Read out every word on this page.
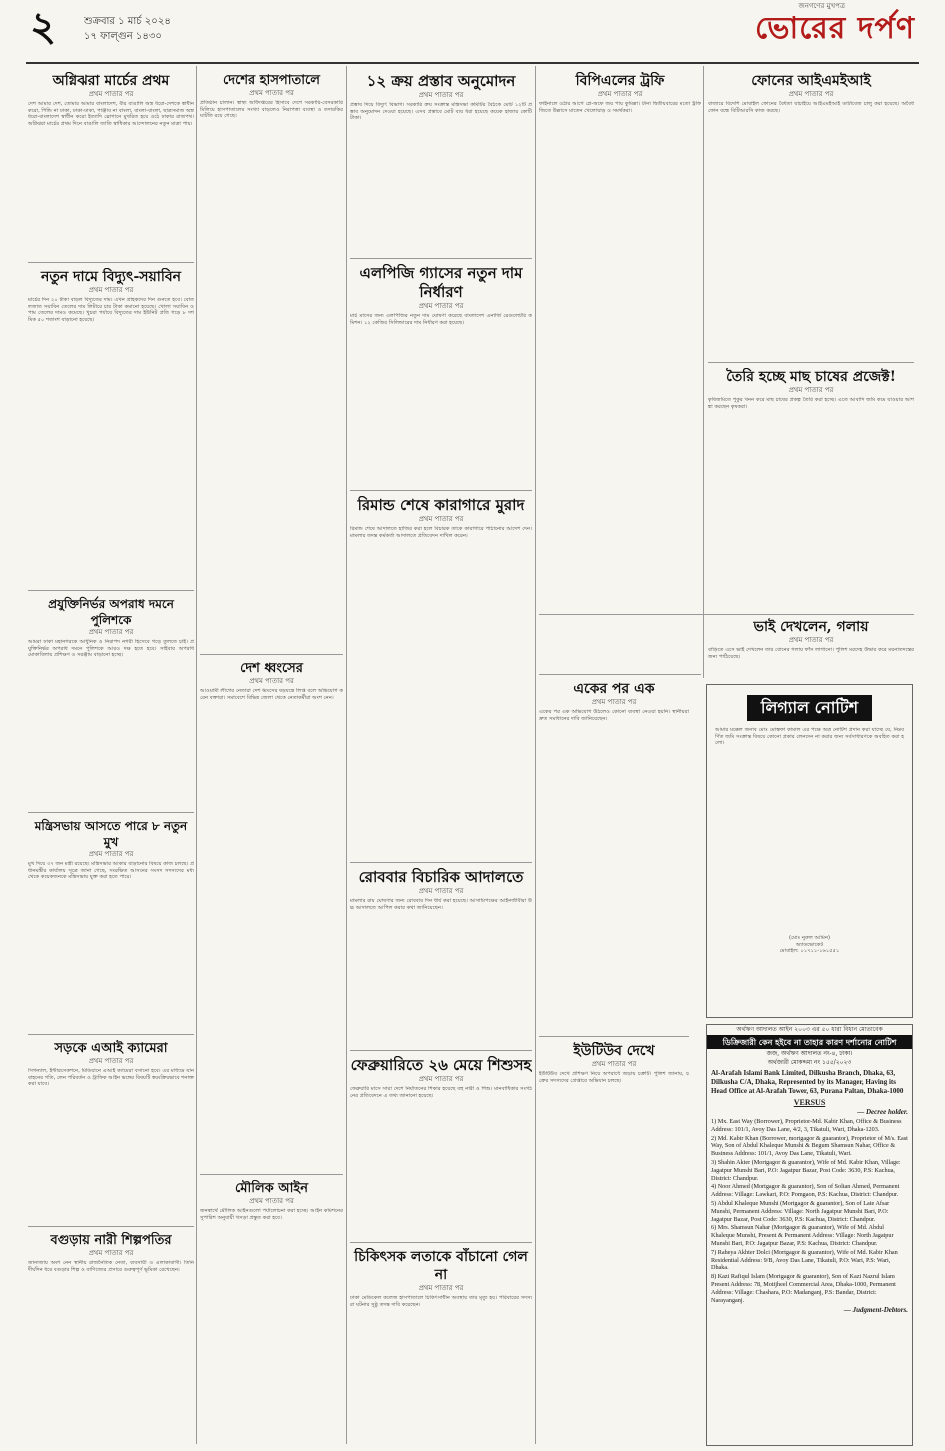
২	শুক্রবার ১ মার্চ ২০২৪
১৭ ফাল্গুন ১৪৩০
জনগণের মুখপত্র
ভোরের দর্পণ
অগ্নিঝরা মার্চের প্রথম
প্রথম পাতার পর
দেশ আমার দেশ, তোমার আমার বাংলাদেশ, বীর বাঙালি অস্ত্র ধরো-দেশকে স্বাধীন করো, পিন্ডি না ঢাকা, ঢাকা-ঢাকা, পাঞ্জাব না বাংলা, বাংলা-বাংলা, ছাত্রসমাজ অস্ত্র ধরো-বাংলাদেশ স্বাধীন করো ইত্যাদি স্লোগানে মুখরিত হয়ে ওঠে ঢাকার রাজপথ। অগ্নিঝরা মার্চের প্রথম দিনে বাঙালি জাতি স্বাধিকার আন্দোলনের নতুন মাত্রা পায়।
নতুন দামে বিদ্যুৎ-সয়াবিন
প্রথম পাতার পর
মার্চের দিন ২০ টাকা বাড়ল বিদ্যুতের দাম। এখন গ্রাহকদের দিন গুনতে হবে। বোতলজাত সয়াবিন তেলের দাম লিটারে চার টাকা কমানো হয়েছে। খোলা সয়াবিন ও পাম তেলের দামও কমেছে। খুচরা পর্যায়ে বিদ্যুতের দাম ইউনিট প্রতি গড়ে ৮ দশমিক ৫০ শতাংশ বাড়ানো হয়েছে।
প্রযুক্তিনির্ভর অপরাধ দমনে পুলিশকে
প্রথম পাতার পর
আমরা ঢাকা মহানগরকে আধুনিক ও নিরাপদ নগরী হিসেবে গড়ে তুলতে চাই। প্রযুক্তিনির্ভর অপরাধ দমনে পুলিশকে আরও দক্ষ হতে হবে। সাইবার অপরাধ মোকাবিলায় প্রশিক্ষণ ও সরঞ্জাম বাড়ানো হচ্ছে।
মন্ত্রিসভায় আসতে পারে ৮ নতুন মুখ
প্রথম পাতার পর
মুখ দিয়ে ৩৭ জন মন্ত্রী রয়েছে। মন্ত্রিসভার আকার বাড়ানোর বিষয়ে কাজ চলছে। প্রধানমন্ত্রীর কার্যালয় সূত্রে জানা গেছে, সংরক্ষিত আসনের সংসদ সদস্যদের মধ্য থেকে কয়েকজনকে মন্ত্রিসভায় যুক্ত করা হতে পারে।
সড়কে এআই ক্যামেরা
প্রথম পাতার পর
সিগন্যাল, ইন্টারসেকশনে, মিডিয়ানে এআই ক্যামেরা বসানো হবে। এর মাধ্যমে যানবাহনের গতি, লেন পরিবর্তন ও ট্রাফিক আইন ভঙ্গের বিষয়টি স্বয়ংক্রিয়ভাবে শনাক্ত করা যাবে।
বগুড়ায় নারী শিল্পপতির
প্রথম পাতার পর
জানাজায় অংশ নেন স্থানীয় রাজনৈতিক নেতা, ব্যবসায়ী ও এলাকাবাসী। তিনি দীর্ঘদিন ধরে বগুড়ার শিল্প ও বাণিজ্যের প্রসারে গুরুত্বপূর্ণ ভূমিকা রেখেছেন।
দেশের হাসপাতালে
প্রথম পাতার পর
প্রতিষ্ঠান চালান। স্বাস্থ্য অধিদপ্তরের হিসাবে দেশে সরকারি-বেসরকারি মিলিয়ে হাসপাতালের সংখ্যা বাড়লেও নিরাপত্তা ব্যবস্থা ও তদারকির ঘাটতি রয়ে গেছে।
দেশ ধ্বংসের
প্রথম পাতার পর
আওয়ামী লীগের নেতারা দেশ ধ্বংসের ষড়যন্ত্রে লিপ্ত বলে অভিযোগ করেন বক্তারা। সমাবেশে বিভিন্ন জেলা থেকে নেতাকর্মীরা অংশ নেন।
মৌলিক আইন
প্রথম পাতার পর
জনস্বার্থে মৌলিক আইনগুলো পর্যালোচনা করা হচ্ছে। আইন কমিশনের সুপারিশ অনুযায়ী খসড়া প্রস্তুত করা হবে।
১২ ক্রয় প্রস্তাব অনুমোদন
প্রথম পাতার পর
প্রস্তাব দিয়ে বিদ্যুৎ বিভাগ। সরকারি ক্রয় সংক্রান্ত মন্ত্রিসভা কমিটির বৈঠকে মোট ১২টি প্রস্তাব অনুমোদন দেওয়া হয়েছে। এসব প্রস্তাবে মোট ব্যয় ধরা হয়েছে কয়েক হাজার কোটি টাকা।
এলপিজি গ্যাসের নতুন দাম নির্ধারণ
প্রথম পাতার পর
মার্চ মাসের জন্য এলপিজির নতুন দাম ঘোষণা করেছে বাংলাদেশ এনার্জি রেগুলেটরি কমিশন। ১২ কেজির সিলিন্ডারের দাম নির্ধারণ করা হয়েছে।
রিমান্ড শেষে কারাগারে মুরাদ
প্রথম পাতার পর
রিমান্ড শেষে আদালতে হাজির করা হলে বিচারক তাকে কারাগারে পাঠানোর আদেশ দেন। মামলার তদন্ত কর্মকর্তা আদালতে প্রতিবেদন দাখিল করেন।
রোববার বিচারিক আদালতে
প্রথম পাতার পর
মামলার রায় ঘোষণার জন্য রোববার দিন ধার্য করা হয়েছে। আসামিপক্ষের আইনজীবীরা উচ্চ আদালতে আপিল করার কথা জানিয়েছেন।
ফেব্রুয়ারিতে ২৬ মেয়ে শিশুসহ
প্রথম পাতার পর
ফেব্রুয়ারি মাসে সারা দেশে নির্যাতনের শিকার হয়েছে বহু নারী ও শিশু। মানবাধিকার সংগঠনের প্রতিবেদনে এ তথ্য জানানো হয়েছে।
চিকিৎসক লতাকে বাঁচানো গেল না
প্রথম পাতার পর
ঢাকা মেডিকেল কলেজ হাসপাতালে চিকিৎসাধীন অবস্থায় তার মৃত্যু হয়। পরিবারের সদস্যরা ঘটনার সুষ্ঠু তদন্ত দাবি করেছেন।
বিপিএলের ট্রফি
প্রথম পাতার পর
ফাইনালে ওঠার আগে প্লে-অফে জয় পায় কুমিল্লা। টানা দ্বিতীয়বারের মতো ট্রফি জিতে উল্লাসে মাতেন খেলোয়াড় ও সমর্থকরা।
একের পর এক
প্রথম পাতার পর
একের পর এক অভিযোগ উঠলেও কোনো ব্যবস্থা নেওয়া হয়নি। স্থানীয়রা দ্রুত সমাধানের দাবি জানিয়েছেন।
ইউটিউব দেখে
প্রথম পাতার পর
ইউটিউব দেখে প্রশিক্ষণ নিয়ে অপরাধে জড়ায় চক্রটি। পুলিশ জানায়, চক্রের সদস্যদের গ্রেপ্তারে অভিযান চলছে।
ফোনের আইএমইআই
প্রথম পাতার পর
বাজারে বিদেশি মোবাইল ফোনের বৈধতা যাচাইয়ে আইএমইআই ডাটাবেজ চালু করা হয়েছে। অবৈধ ফোন বন্ধে বিটিআরসি কাজ করছে।
তৈরি হচ্ছে মাছ চাষের প্রজেক্ট!
প্রথম পাতার পর
কৃষিজমিতে পুকুর খনন করে মাছ চাষের প্রকল্প তৈরি করা হচ্ছে। এতে আবাদি জমি কমে যাওয়ার আশঙ্কা করছেন কৃষকরা।
ভাই দেখলেন, গলায়
প্রথম পাতার পর
বাড়িতে এসে ভাই দেখলেন তার বোনের গলায় ফাঁস লাগানো। পুলিশ মরদেহ উদ্ধার করে ময়নাতদন্তের জন্য পাঠিয়েছে।
লিগ্যাল নোটিশ
আমার মক্কেল জনাব মোঃ মোস্তফা কামাল এর পক্ষে অত্র নোটিশ প্রদান করা যাচ্ছে যে, নিম্নবর্ণিত জমি সংক্রান্ত বিষয়ে কোনো প্রকার লেনদেন না করার জন্য সর্বসাধারণকে অবহিত করা হলো।
(মোঃ নুরুল আমিন)
অ্যাডভোকেট
মোবাইল: ০১৭১১-১৬১৫৫১
অর্থঋণ আদালত আইন ২০০৩ এর ৫০ ধারা বিধান মোতাবেক
ডিক্রিজারী কেন হইবে না তাহার কারণ দর্শানোর নোটিশ
জজ, অর্থঋণ আদালত নং-৪, ঢাকা।
অর্থজারী মোকদ্দমা নং ১৫৫/২০২৩
Al-Arafah Islami Bank Limited, Dilkusha Branch, Dhaka, 63, Dilkusha C/A, Dhaka, Represented by its Manager, Having its Head Office at Al-Arafah Tower, 63, Purana Paltan, Dhaka-1000
VERSUS
— Decree holder.
1) Mx. East Way (Borrower), Proprietor-Md. Kabir Khan, Office & Business Address: 101/1, Avoy Das Lane, 4/2, 3, Tikatuli, Wari, Dhaka-1203.
2) Md. Kabir Khan (Borrower, mortgagor & guarantor), Proprietor of M/s. East Way, Son of Abdul Khaleque Munshi & Begum Shamsun Nahar, Office & Business Address: 101/1, Avoy Das Lane, Tikatuli, Wari.
3) Shahin Akter (Mortgagor & guarantor), Wife of Md. Kabir Khan, Village: Jagatpur Munshi Bari, P.O: Jagatpur Bazar, Post Code: 3630, P.S: Kachua, District: Chandpur.
4) Noor Ahmed (Mortgagor & guarantor), Son of Soltan Ahmed, Permanent Address: Village: Lawkari, P.O: Pomgaon, P.S: Kachua, District: Chandpur.
5) Abdul Khaleque Munshi (Mortgagor & guarantor), Son of Late Afsar Munshi, Permanent Address: Village: North Jagatpur Munshi Bari, P.O: Jagatpur Bazar, Post Code: 3630, P.S: Kachua, District: Chandpur.
6) Mrs. Shamsun Nahar (Mortgagor & guarantor), Wife of Md. Abdul Khaleque Munshi, Present & Permanent Address: Village: North Jagatpur Munshi Bari, P.O: Jagatpur Bazar, P.S: Kachua, District: Chandpur.
7) Raheya Akhter Dolci (Mortgagor & guarantor), Wife of Md. Kabir Khan Residential Address: 9/B, Avoy Das Lane, Tikatuli, P.O: Wari, P.S: Wari, Dhaka.
8) Kazi Rafiqul Islam (Mortgagor & guarantor), Son of Kazi Nazrul Islam Present Address: 78, Motijheel Commercial Area, Dhaka-1000, Permanent Address: Village: Chashara, P.O: Madanganj, P.S: Bandar, District: Narayanganj.
— Judgment-Debtors.
